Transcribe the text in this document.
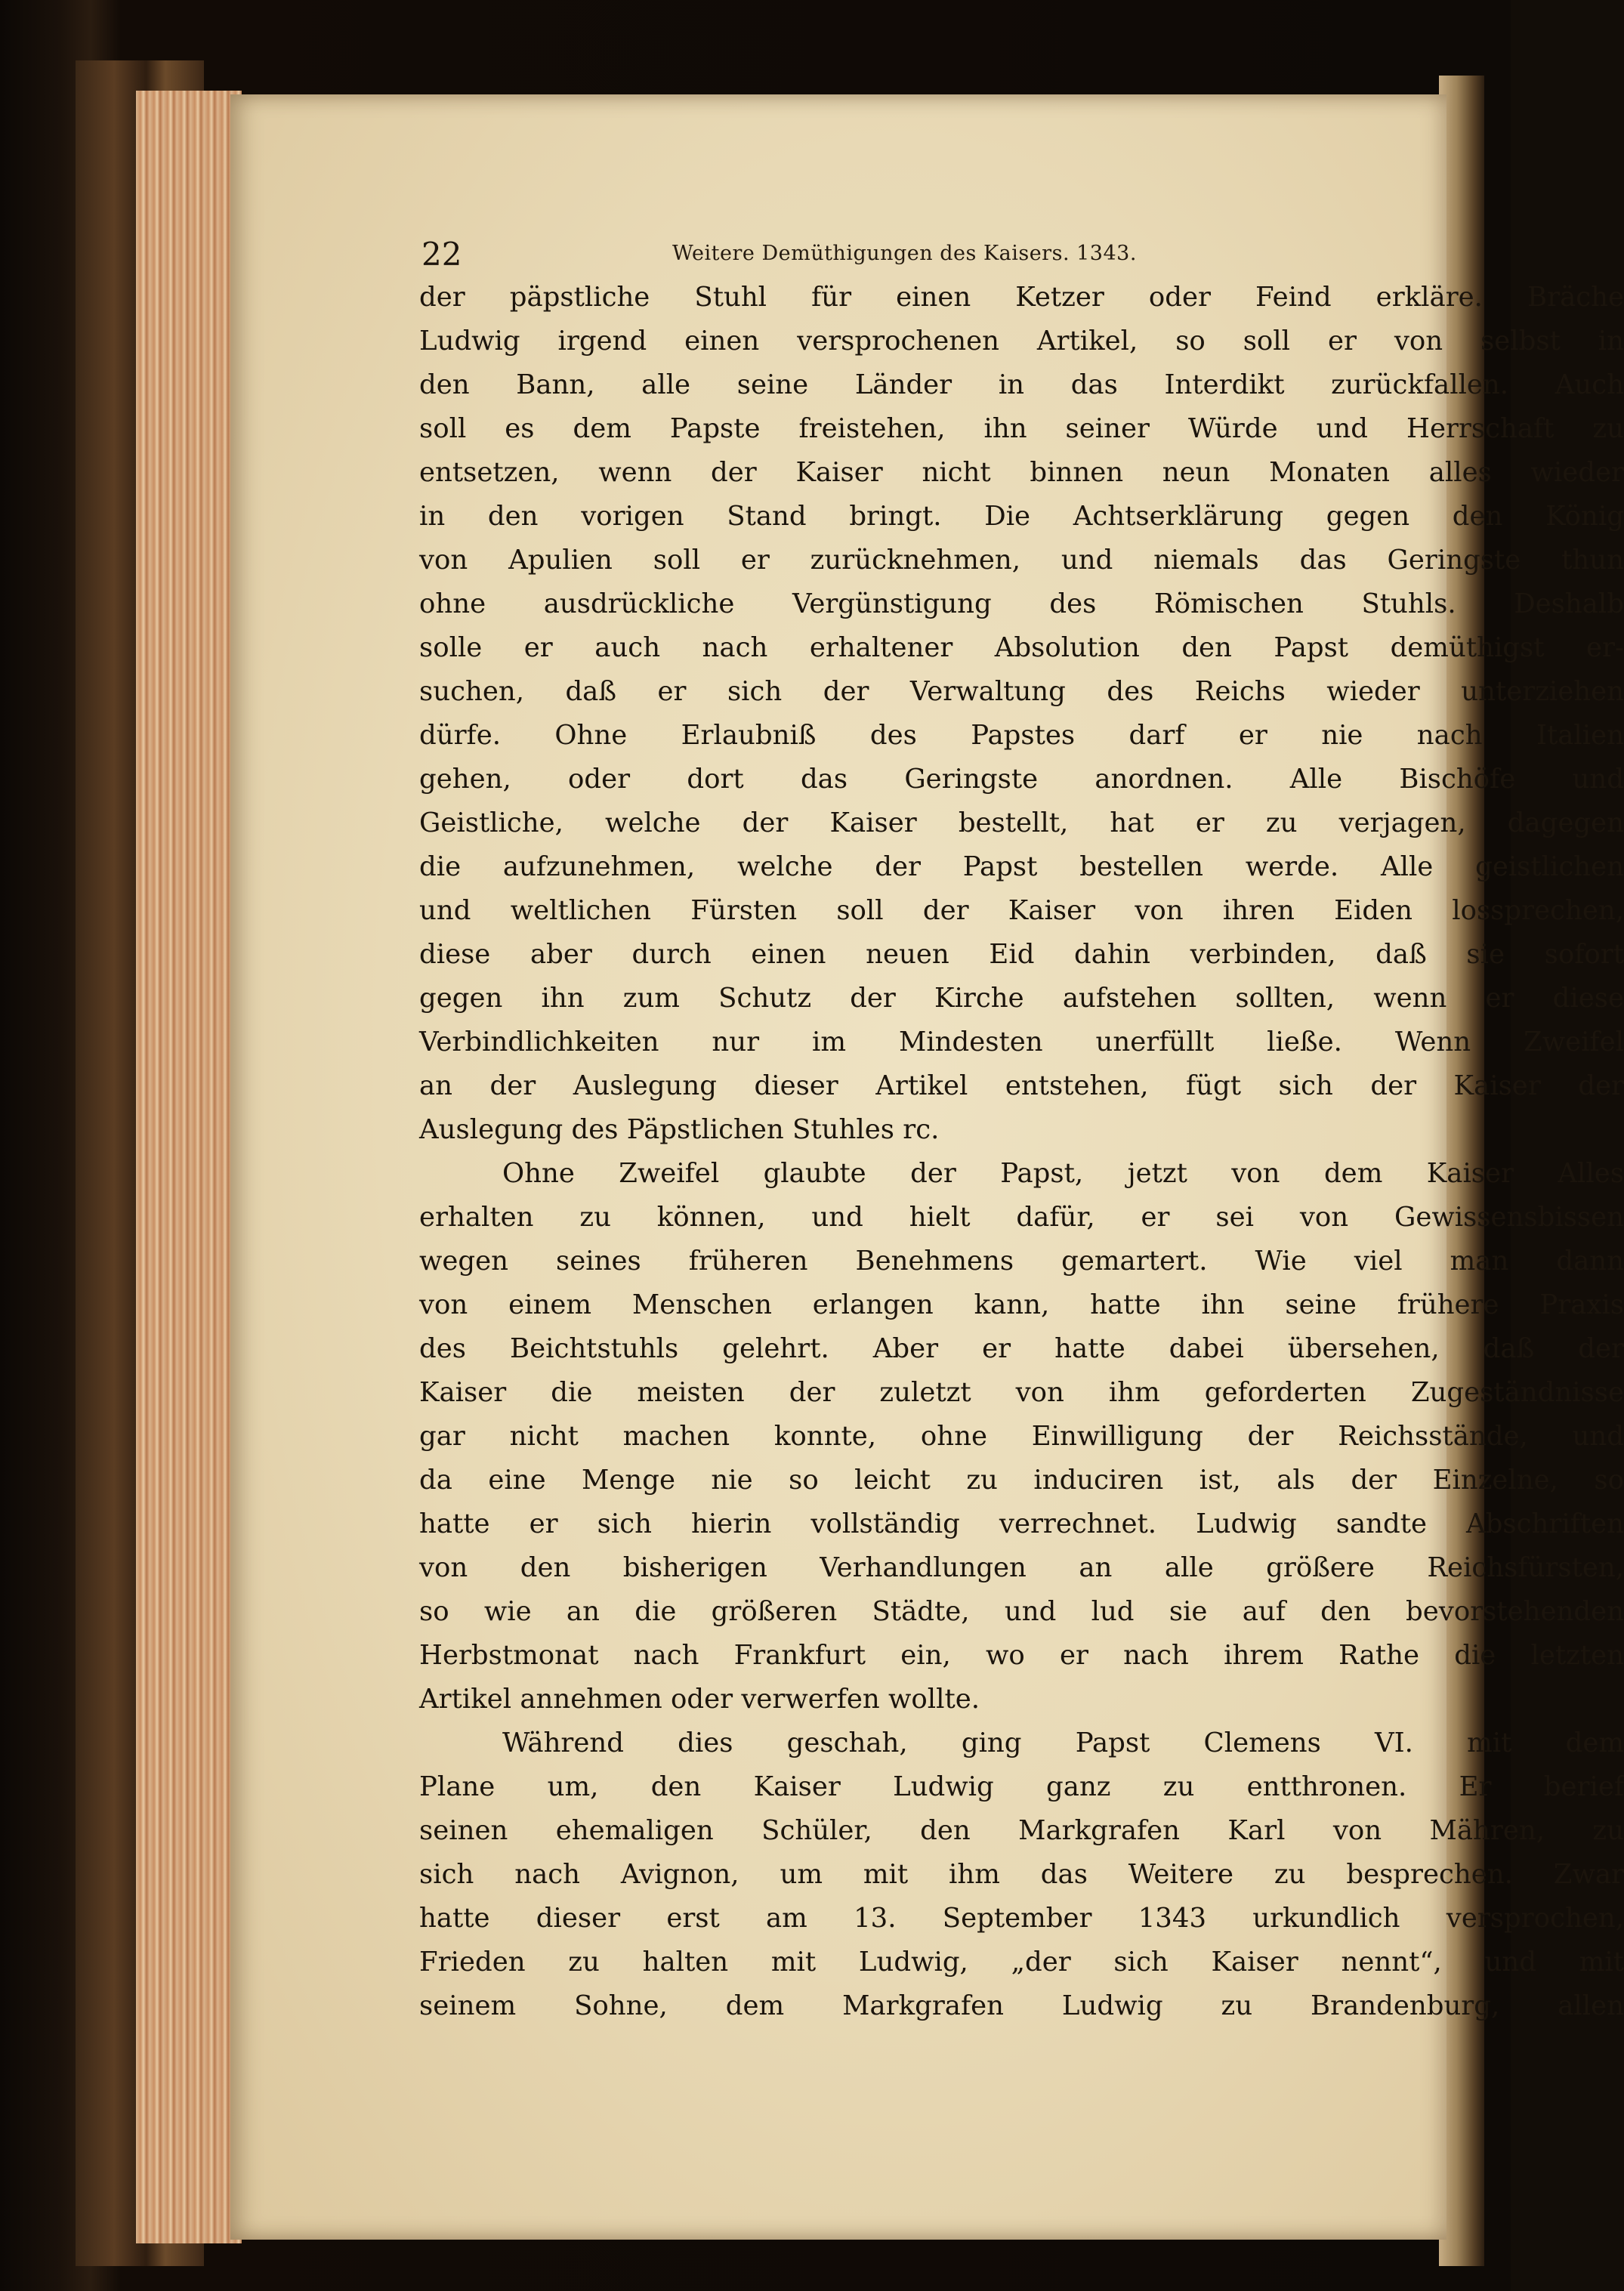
22	Weitere Demüthigungen des Kaisers. 1343.

der päpstliche Stuhl für einen Ketzer oder Feind erkläre. Bräche
Ludwig irgend einen versprochenen Artikel, so soll er von selbst in
den Bann, alle seine Länder in das Interdikt zurückfallen. Auch
soll es dem Papste freistehen, ihn seiner Würde und Herrschaft zu
entsetzen, wenn der Kaiser nicht binnen neun Monaten alles wieder
in den vorigen Stand bringt. Die Achtserklärung gegen den König
von Apulien soll er zurücknehmen, und niemals das Geringste thun
ohne ausdrückliche Vergünstigung des Römischen Stuhls. Deshalb
solle er auch nach erhaltener Absolution den Papst demüthigst er-
suchen, daß er sich der Verwaltung des Reichs wieder unterziehen
dürfe. Ohne Erlaubniß des Papstes darf er nie nach Italien
gehen, oder dort das Geringste anordnen. Alle Bischöfe und
Geistliche, welche der Kaiser bestellt, hat er zu verjagen, dagegen
die aufzunehmen, welche der Papst bestellen werde. Alle geistlichen
und weltlichen Fürsten soll der Kaiser von ihren Eiden lossprechen,
diese aber durch einen neuen Eid dahin verbinden, daß sie sofort
gegen ihn zum Schutz der Kirche aufstehen sollten, wenn er diese
Verbindlichkeiten nur im Mindesten unerfüllt ließe. Wenn Zweifel
an der Auslegung dieser Artikel entstehen, fügt sich der Kaiser der
Auslegung des Päpstlichen Stuhles rc.
Ohne Zweifel glaubte der Papst, jetzt von dem Kaiser Alles
erhalten zu können, und hielt dafür, er sei von Gewissensbissen
wegen seines früheren Benehmens gemartert. Wie viel man dann
von einem Menschen erlangen kann, hatte ihn seine frühere Praxis
des Beichtstuhls gelehrt. Aber er hatte dabei übersehen, daß der
Kaiser die meisten der zuletzt von ihm geforderten Zugeständnisse
gar nicht machen konnte, ohne Einwilligung der Reichsstände, und
da eine Menge nie so leicht zu induciren ist, als der Einzelne, so
hatte er sich hierin vollständig verrechnet. Ludwig sandte Abschriften
von den bisherigen Verhandlungen an alle größere Reichsfürsten,
so wie an die größeren Städte, und lud sie auf den bevorstehenden
Herbstmonat nach Frankfurt ein, wo er nach ihrem Rathe die letzten
Artikel annehmen oder verwerfen wollte.
Während dies geschah, ging Papst Clemens VI. mit dem
Plane um, den Kaiser Ludwig ganz zu entthronen. Er berief
seinen ehemaligen Schüler, den Markgrafen Karl von Mähren, zu
sich nach Avignon, um mit ihm das Weitere zu besprechen. Zwar
hatte dieser erst am 13. September 1343 urkundlich versprochen,
Frieden zu halten mit Ludwig, „der sich Kaiser nennt“, und mit
seinem Sohne, dem Markgrafen Ludwig zu Brandenburg, allen
